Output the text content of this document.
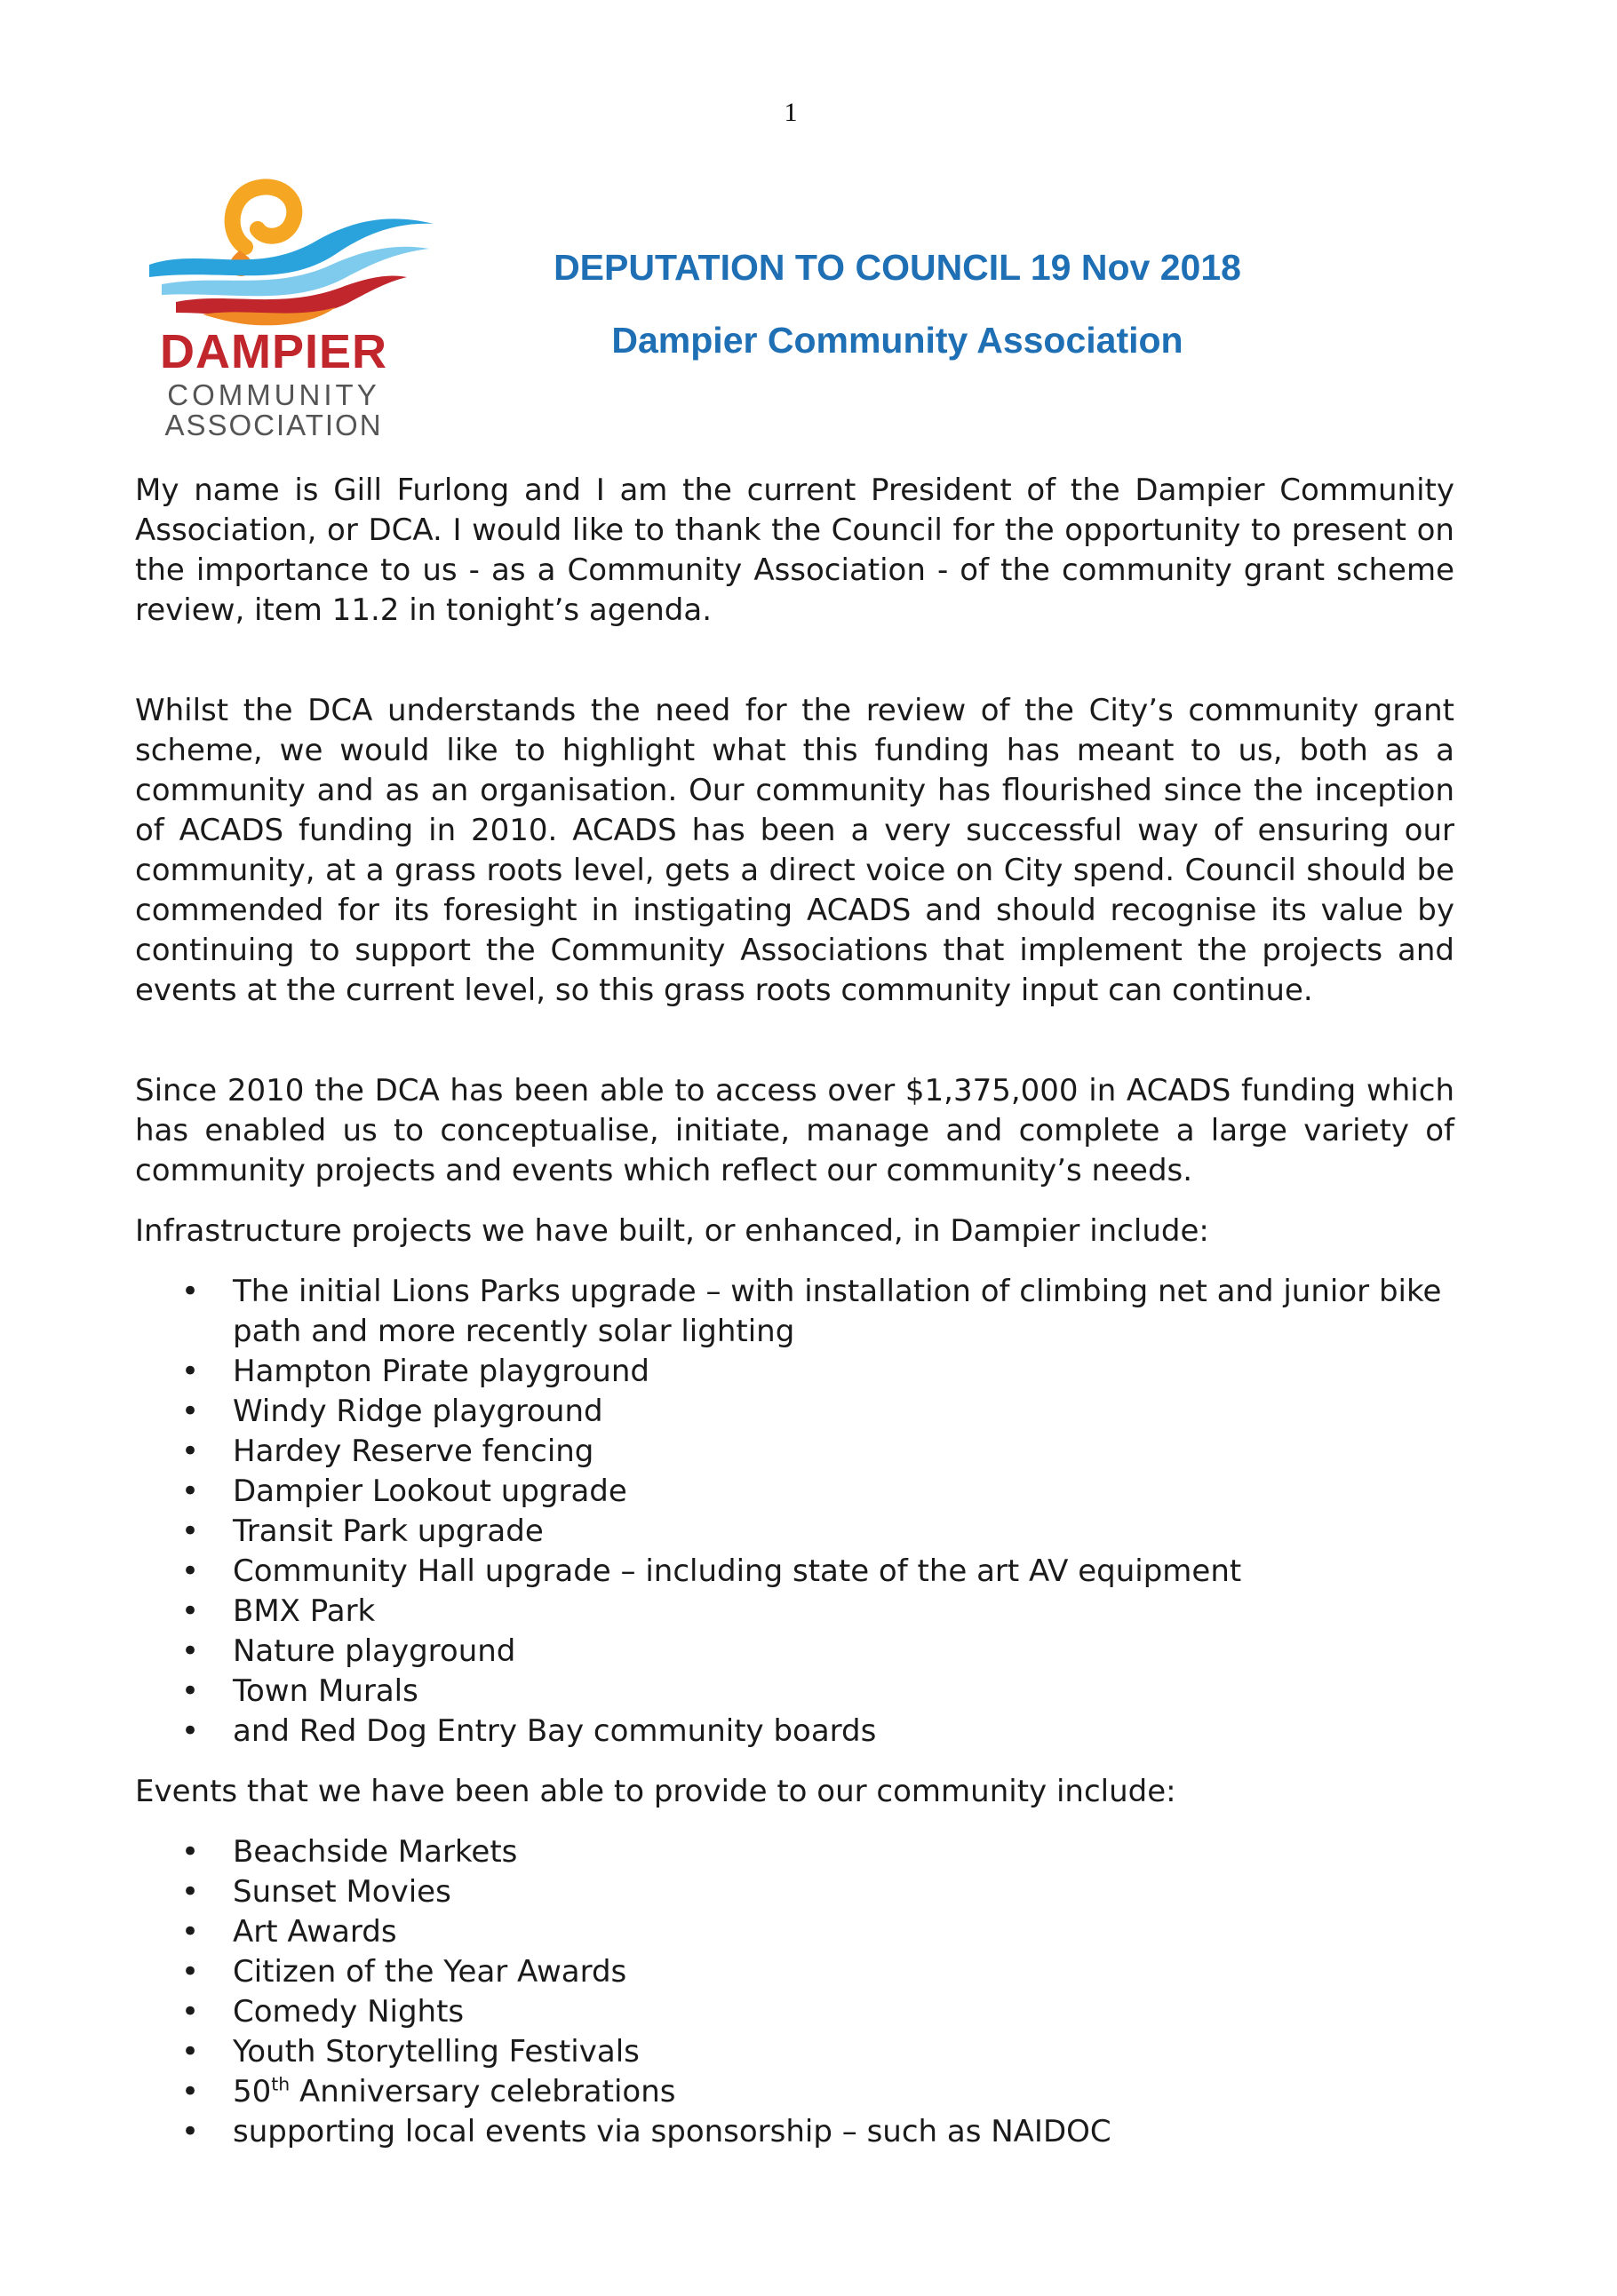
1
DAMPIER
COMMUNITY
ASSOCIATION
DEPUTATION TO COUNCIL 19 Nov 2018
Dampier Community Association

My name is Gill Furlong and I am the current President of the Dampier Community Association, or DCA. I would like to thank the Council for the opportunity to present on the importance to us - as a Community Association - of the community grant scheme review, item 11.2 in tonight’s agenda.

Whilst the DCA understands the need for the review of the City’s community grant scheme, we would like to highlight what this funding has meant to us, both as a community and as an organisation. Our community has flourished since the inception of ACADS funding in 2010. ACADS has been a very successful way of ensuring our community, at a grass roots level, gets a direct voice on City spend. Council should be commended for its foresight in instigating ACADS and should recognise its value by continuing to support the Community Associations that implement the projects and events at the current level, so this grass roots community input can continue.

Since 2010 the DCA has been able to access over $1,375,000 in ACADS funding which has enabled us to conceptualise, initiate, manage and complete a large variety of community projects and events which reflect our community’s needs.

Infrastructure projects we have built, or enhanced, in Dampier include:

• The initial Lions Parks upgrade – with installation of climbing net and junior bike path and more recently solar lighting
• Hampton Pirate playground
• Windy Ridge playground
• Hardey Reserve fencing
• Dampier Lookout upgrade
• Transit Park upgrade
• Community Hall upgrade – including state of the art AV equipment
• BMX Park
• Nature playground
• Town Murals
• and Red Dog Entry Bay community boards

Events that we have been able to provide to our community include:

• Beachside Markets
• Sunset Movies
• Art Awards
• Citizen of the Year Awards
• Comedy Nights
• Youth Storytelling Festivals
• 50th Anniversary celebrations
• supporting local events via sponsorship – such as NAIDOC
